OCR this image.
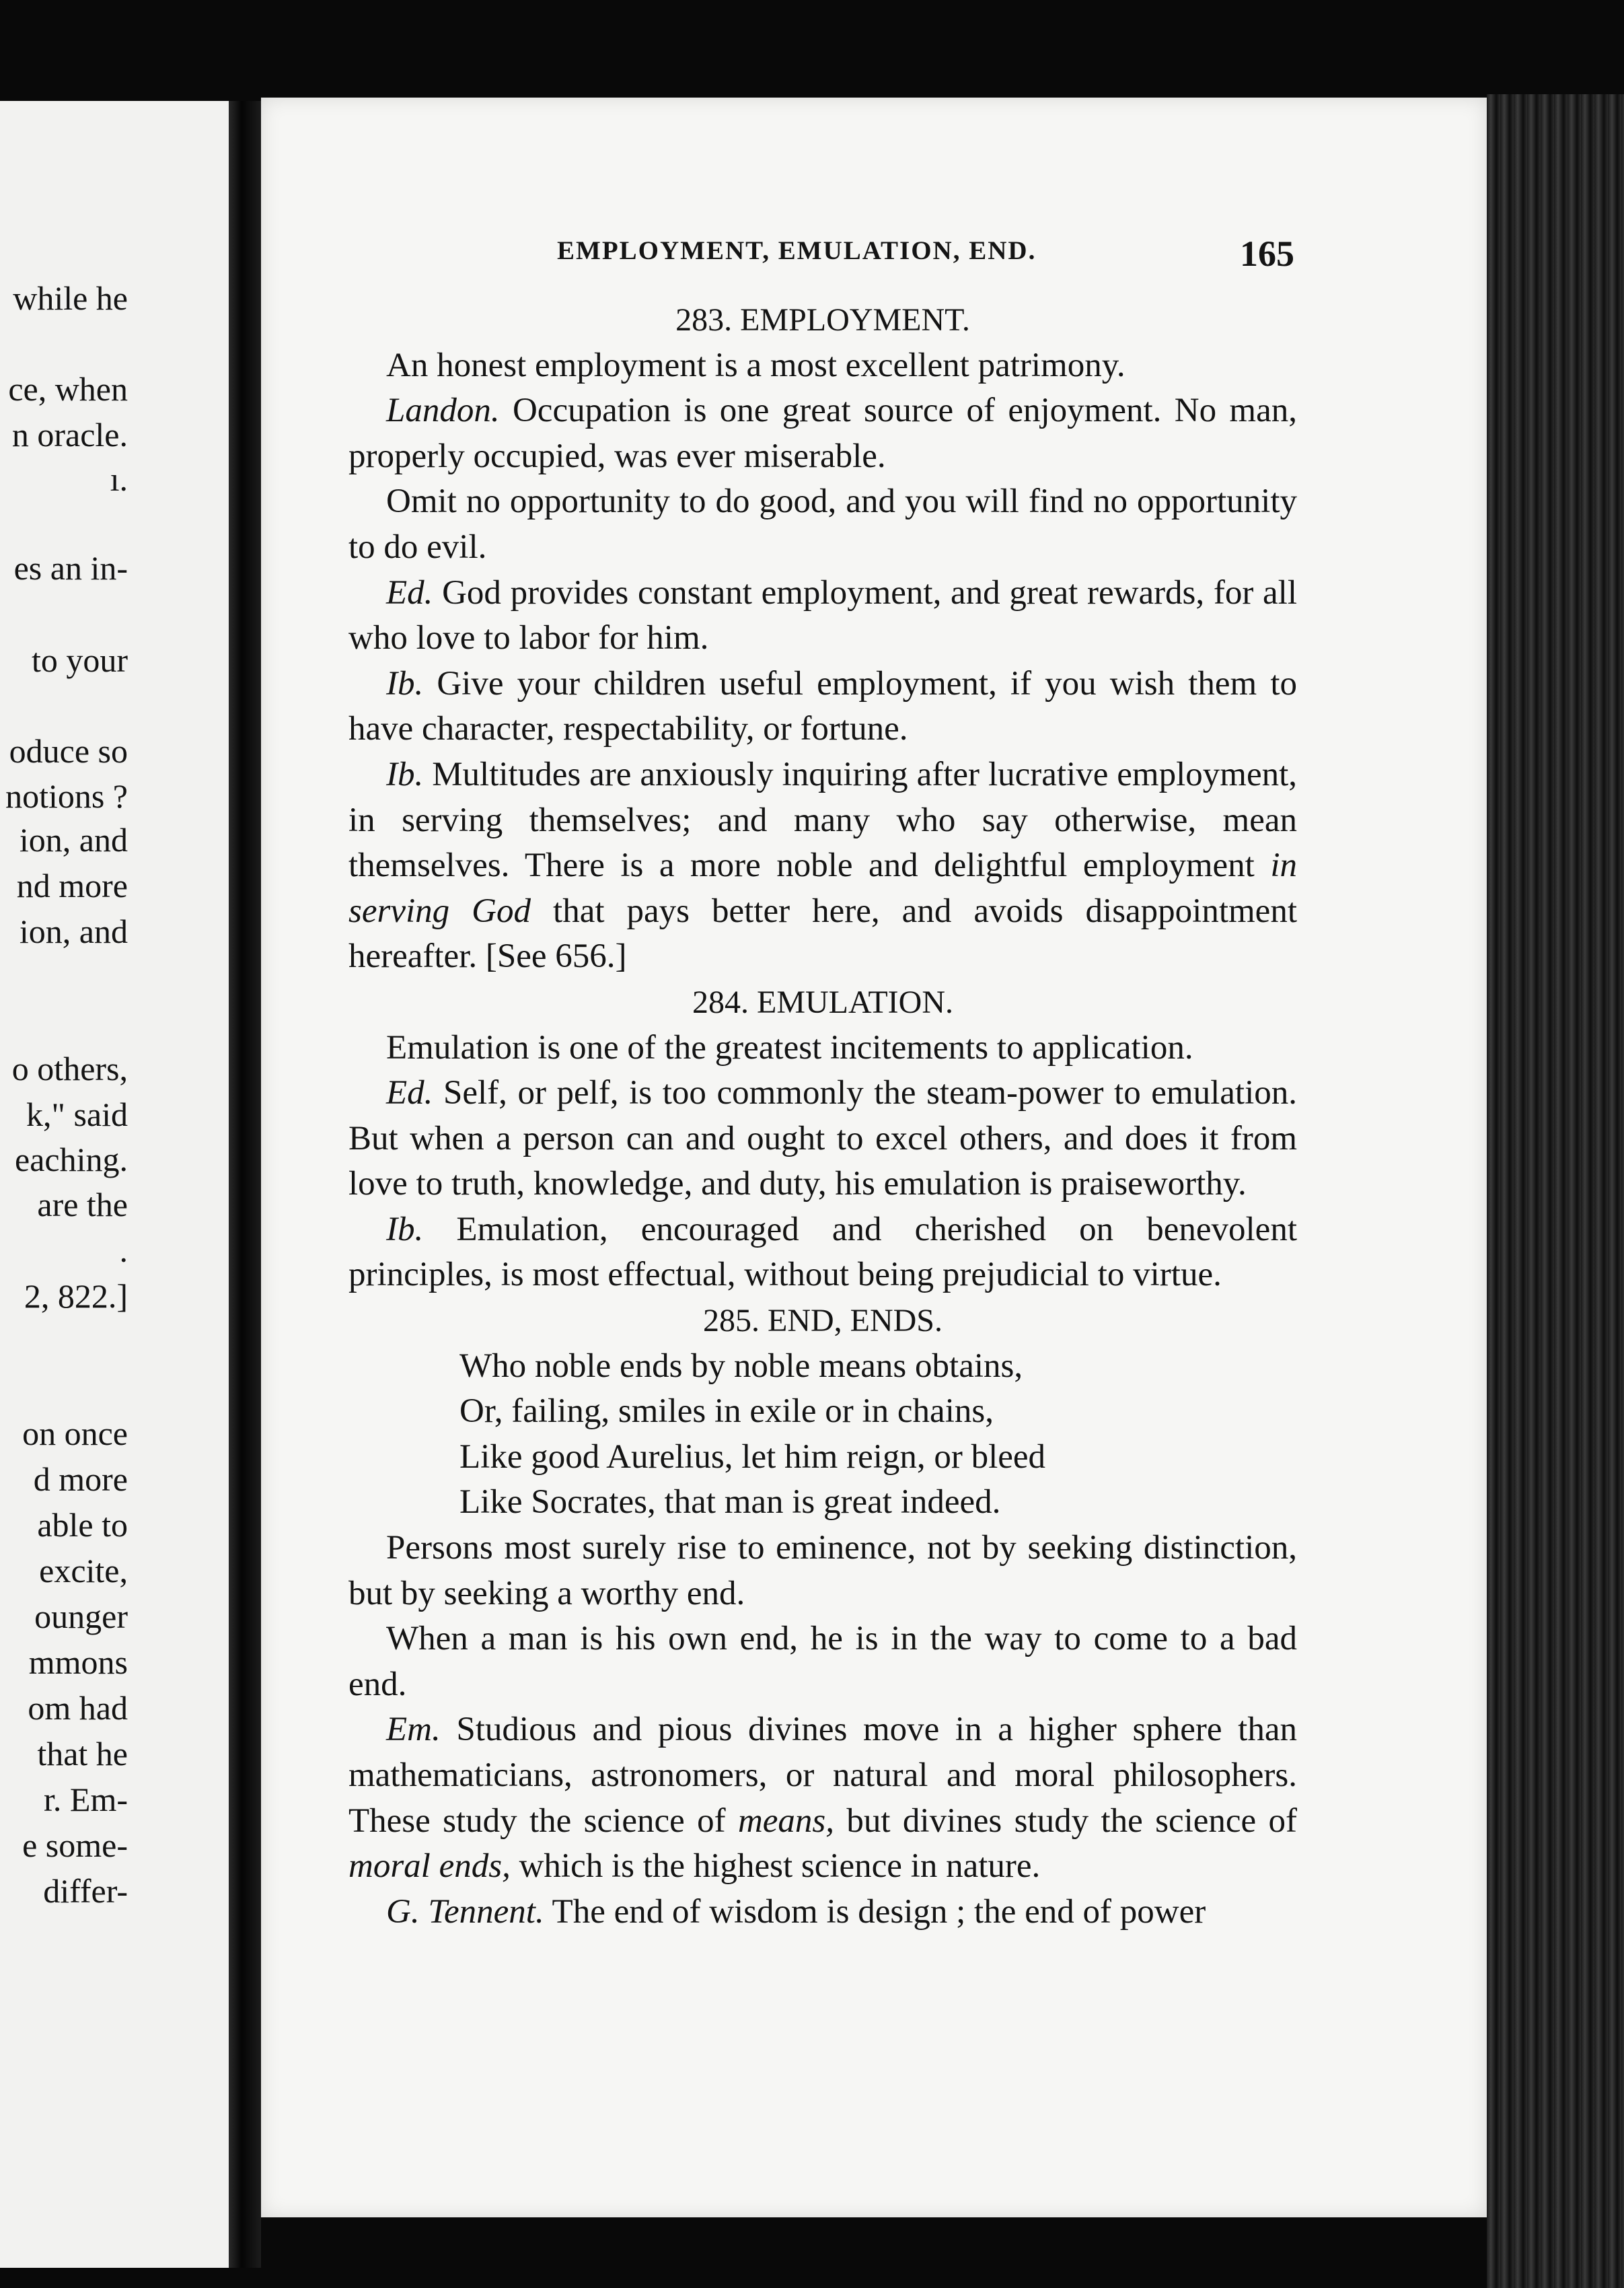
while he
ce, when
n oracle.
ı.
es an in-
to your
oduce so
notions ?
ion, and
nd more
ion, and
o others,
k," said
eaching.
are the
.
2, 822.]
on once
d more
able to
excite,
ounger
mmons
om had
that he
r. Em-
e some-
differ-
EMPLOYMENT, EMULATION, END.	165

283. EMPLOYMENT.

An honest employment is a most excellent patrimony.

Landon. Occupation is one great source of enjoyment. No man, properly occupied, was ever miserable.

Omit no opportunity to do good, and you will find no opportunity to do evil.

Ed. God provides constant employment, and great rewards, for all who love to labor for him.

Ib. Give your children useful employment, if you wish them to have character, respectability, or fortune.

Ib. Multitudes are anxiously inquiring after lucrative employment, in serving themselves; and many who say otherwise, mean themselves. There is a more noble and delightful employment in serving God that pays better here, and avoids disappointment hereafter. [See 656.]

284. EMULATION.

Emulation is one of the greatest incitements to application.

Ed. Self, or pelf, is too commonly the steam-power to emulation. But when a person can and ought to excel others, and does it from love to truth, knowledge, and duty, his emulation is praiseworthy.

Ib. Emulation, encouraged and cherished on benevolent principles, is most effectual, without being prejudicial to virtue.

285. END, ENDS.

Who noble ends by noble means obtains,

Or, failing, smiles in exile or in chains,

Like good Aurelius, let him reign, or bleed

Like Socrates, that man is great indeed.

Persons most surely rise to eminence, not by seeking distinction, but by seeking a worthy end.

When a man is his own end, he is in the way to come to a bad end.

Em. Studious and pious divines move in a higher sphere than mathematicians, astronomers, or natural and moral philosophers. These study the science of means, but divines study the science of moral ends, which is the highest science in nature.

G. Tennent. The end of wisdom is design ; the end of power
